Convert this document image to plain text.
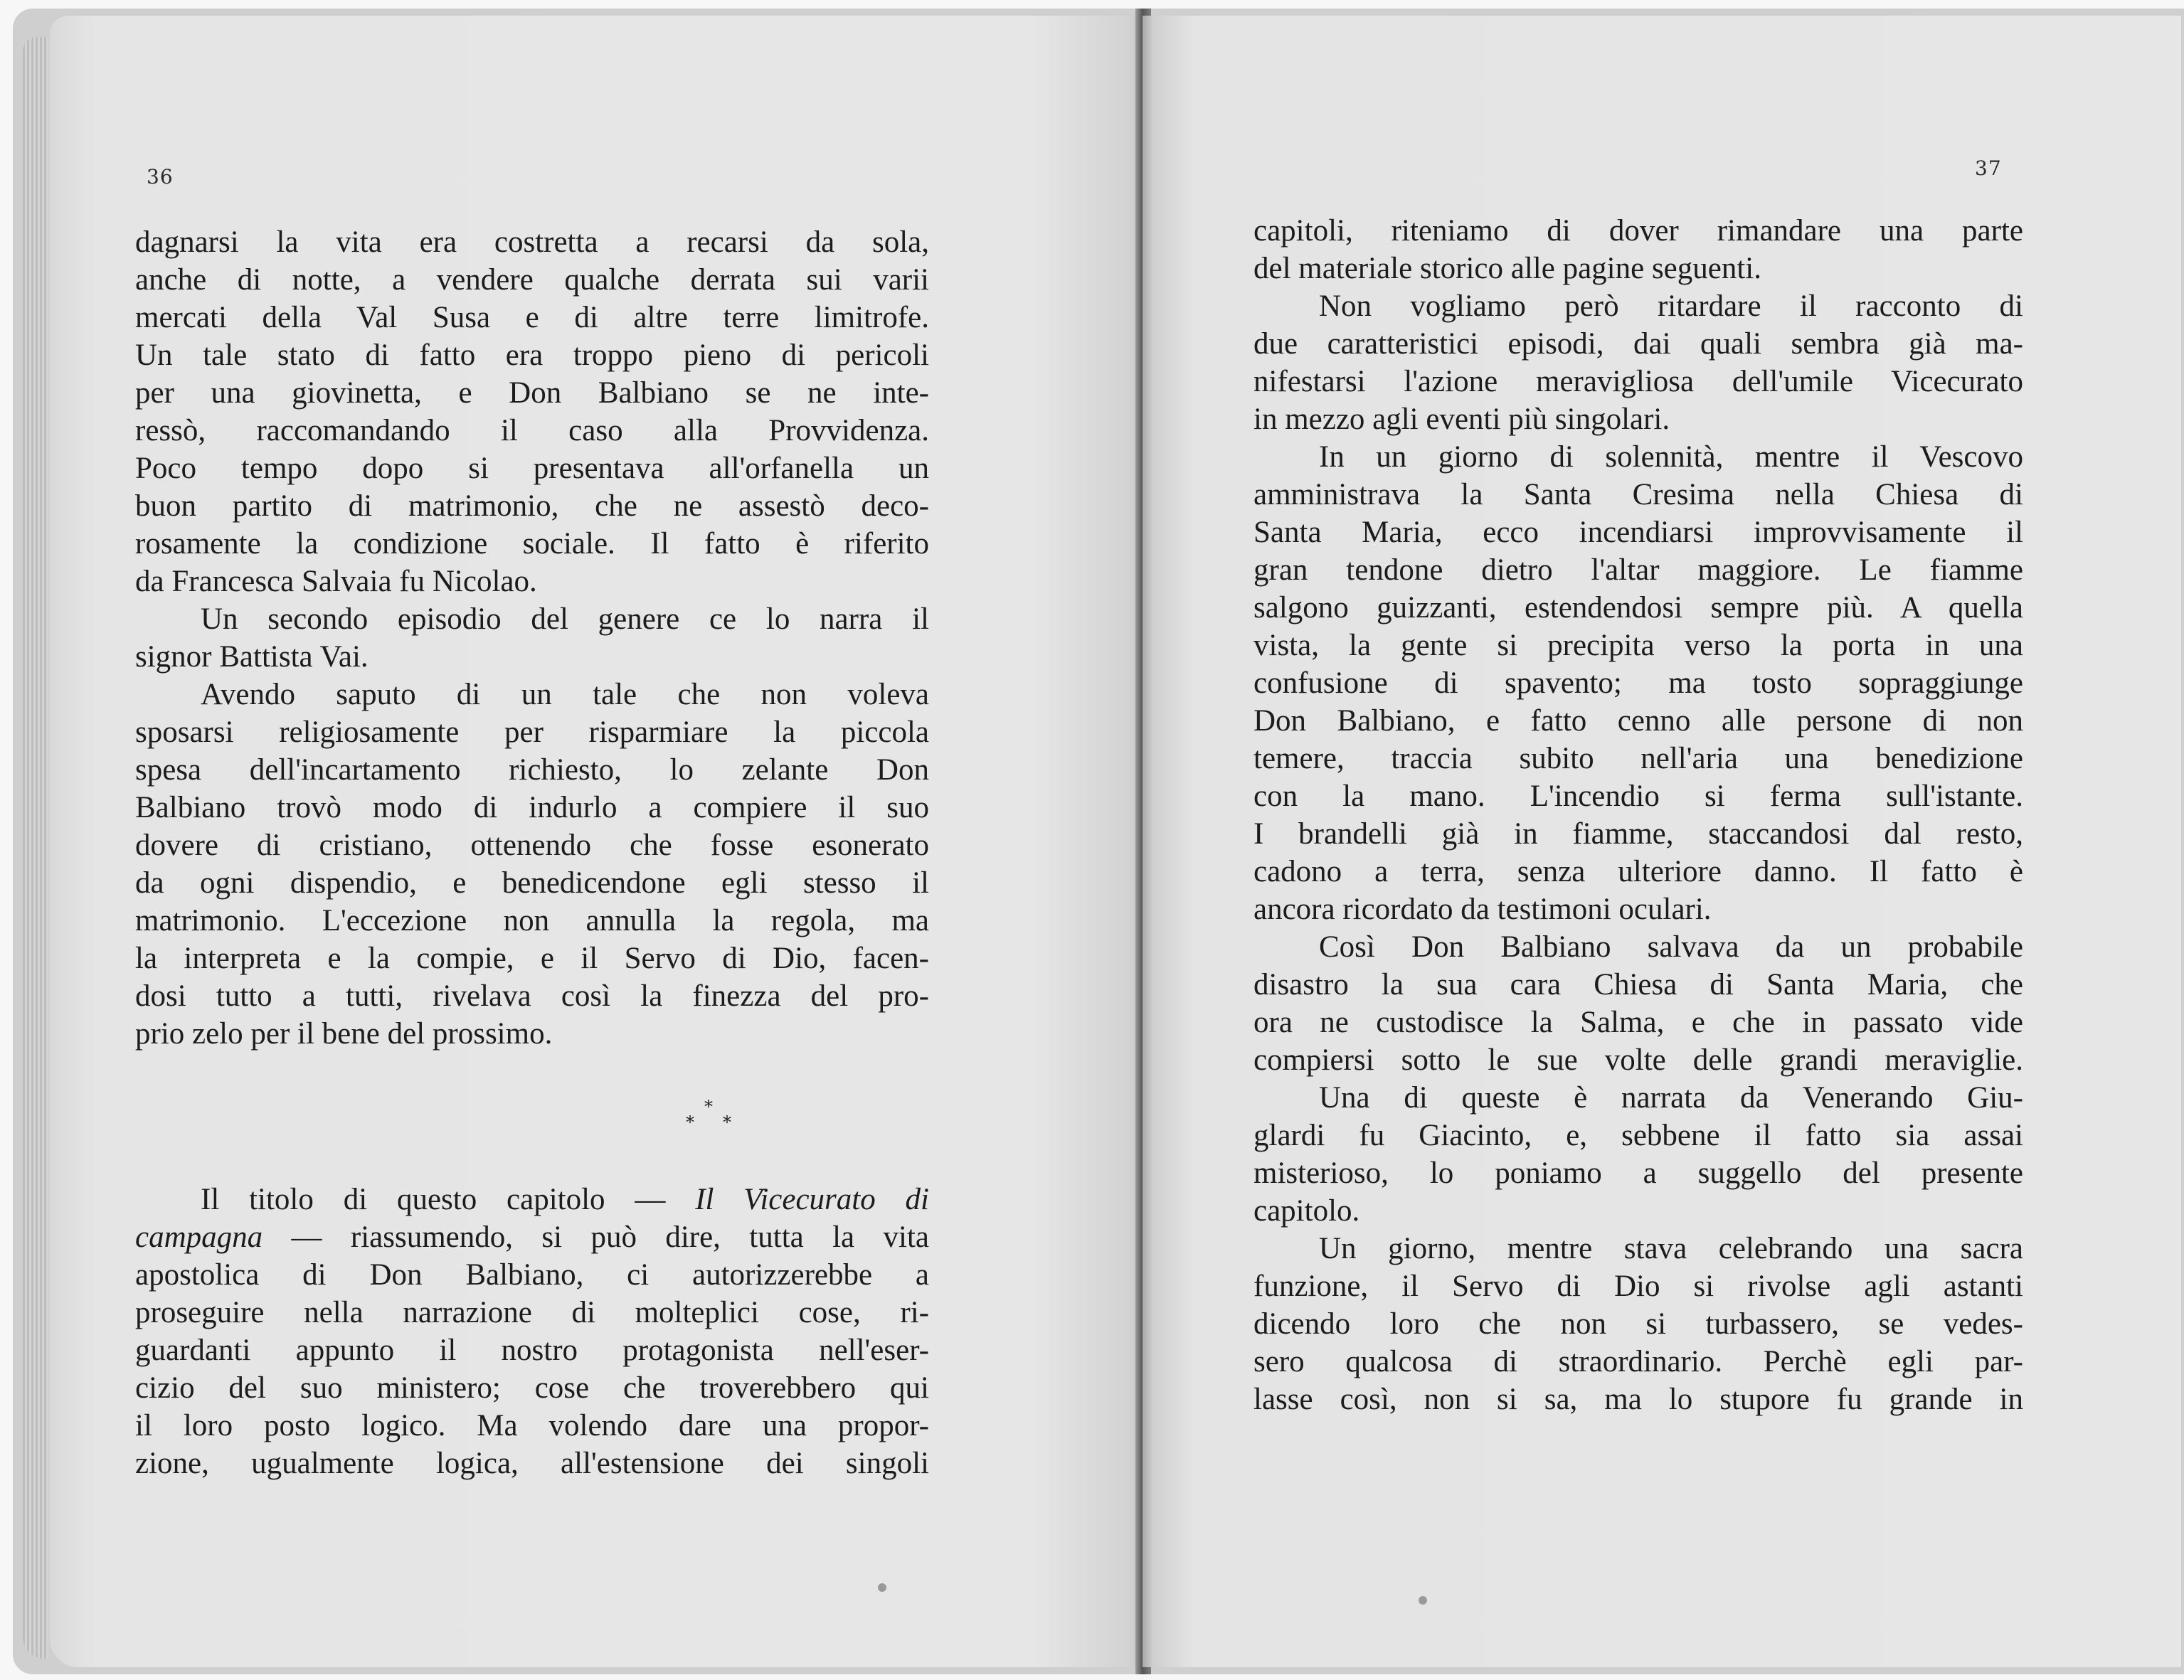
36
dagnarsi la vita era costretta a recarsi da sola,
anche di notte, a vendere qualche derrata sui varii
mercati della Val Susa e di altre terre limitrofe.
Un tale stato di fatto era troppo pieno di pericoli
per una giovinetta, e Don Balbiano se ne inte-
ressò, raccomandando il caso alla Provvidenza.
Poco tempo dopo si presentava all'orfanella un
buon partito di matrimonio, che ne assestò deco-
rosamente la condizione sociale. Il fatto è riferito
da Francesca Salvaia fu Nicolao.
Un secondo episodio del genere ce lo narra il
signor Battista Vai.
Avendo saputo di un tale che non voleva
sposarsi religiosamente per risparmiare la piccola
spesa dell'incartamento richiesto, lo zelante Don
Balbiano trovò modo di indurlo a compiere il suo
dovere di cristiano, ottenendo che fosse esonerato
da ogni dispendio, e benedicendone egli stesso il
matrimonio. L'eccezione non annulla la regola, ma
la interpreta e la compie, e il Servo di Dio, facen-
dosi tutto a tutti, rivelava così la finezza del pro-
prio zelo per il bene del prossimo.
*
* *
Il titolo di questo capitolo — Il Vicecurato di
campagna — riassumendo, si può dire, tutta la vita
apostolica di Don Balbiano, ci autorizzerebbe a
proseguire nella narrazione di molteplici cose, ri-
guardanti appunto il nostro protagonista nell'eser-
cizio del suo ministero; cose che troverebbero qui
il loro posto logico. Ma volendo dare una propor-
zione, ugualmente logica, all'estensione dei singoli
37
capitoli, riteniamo di dover rimandare una parte
del materiale storico alle pagine seguenti.
Non vogliamo però ritardare il racconto di
due caratteristici episodi, dai quali sembra già ma-
nifestarsi l'azione meravigliosa dell'umile Vicecurato
in mezzo agli eventi più singolari.
In un giorno di solennità, mentre il Vescovo
amministrava la Santa Cresima nella Chiesa di
Santa Maria, ecco incendiarsi improvvisamente il
gran tendone dietro l'altar maggiore. Le fiamme
salgono guizzanti, estendendosi sempre più. A quella
vista, la gente si precipita verso la porta in una
confusione di spavento; ma tosto sopraggiunge
Don Balbiano, e fatto cenno alle persone di non
temere, traccia subito nell'aria una benedizione
con la mano. L'incendio si ferma sull'istante.
I brandelli già in fiamme, staccandosi dal resto,
cadono a terra, senza ulteriore danno. Il fatto è
ancora ricordato da testimoni oculari.
Così Don Balbiano salvava da un probabile
disastro la sua cara Chiesa di Santa Maria, che
ora ne custodisce la Salma, e che in passato vide
compiersi sotto le sue volte delle grandi meraviglie.
Una di queste è narrata da Venerando Giu-
glardi fu Giacinto, e, sebbene il fatto sia assai
misterioso, lo poniamo a suggello del presente
capitolo.
Un giorno, mentre stava celebrando una sacra
funzione, il Servo di Dio si rivolse agli astanti
dicendo loro che non si turbassero, se vedes-
sero qualcosa di straordinario. Perchè egli par-
lasse così, non si sa, ma lo stupore fu grande in
